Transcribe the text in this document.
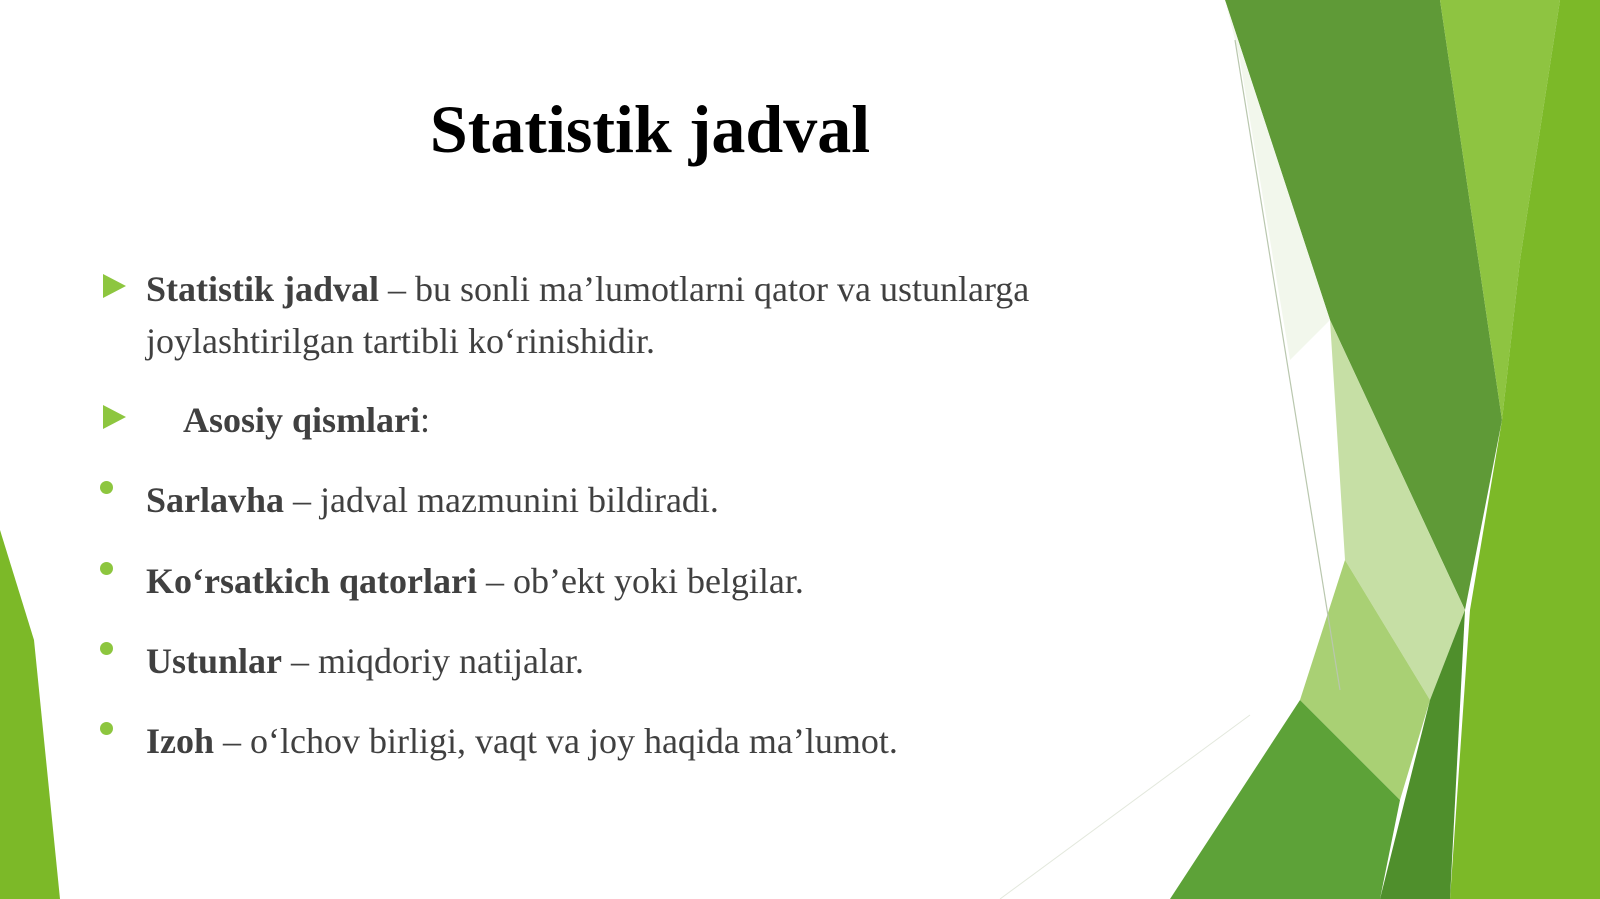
Statistik jadval
Statistik jadval – bu sonli ma’lumotlarni qator va ustunlarga joylashtirilgan tartibli ko‘rinishidir.
Asosiy qismlari:
Sarlavha – jadval mazmunini bildiradi.
Ko‘rsatkich qatorlari – ob’ekt yoki belgilar.
Ustunlar – miqdoriy natijalar.
Izoh – o‘lchov birligi, vaqt va joy haqida ma’lumot.
